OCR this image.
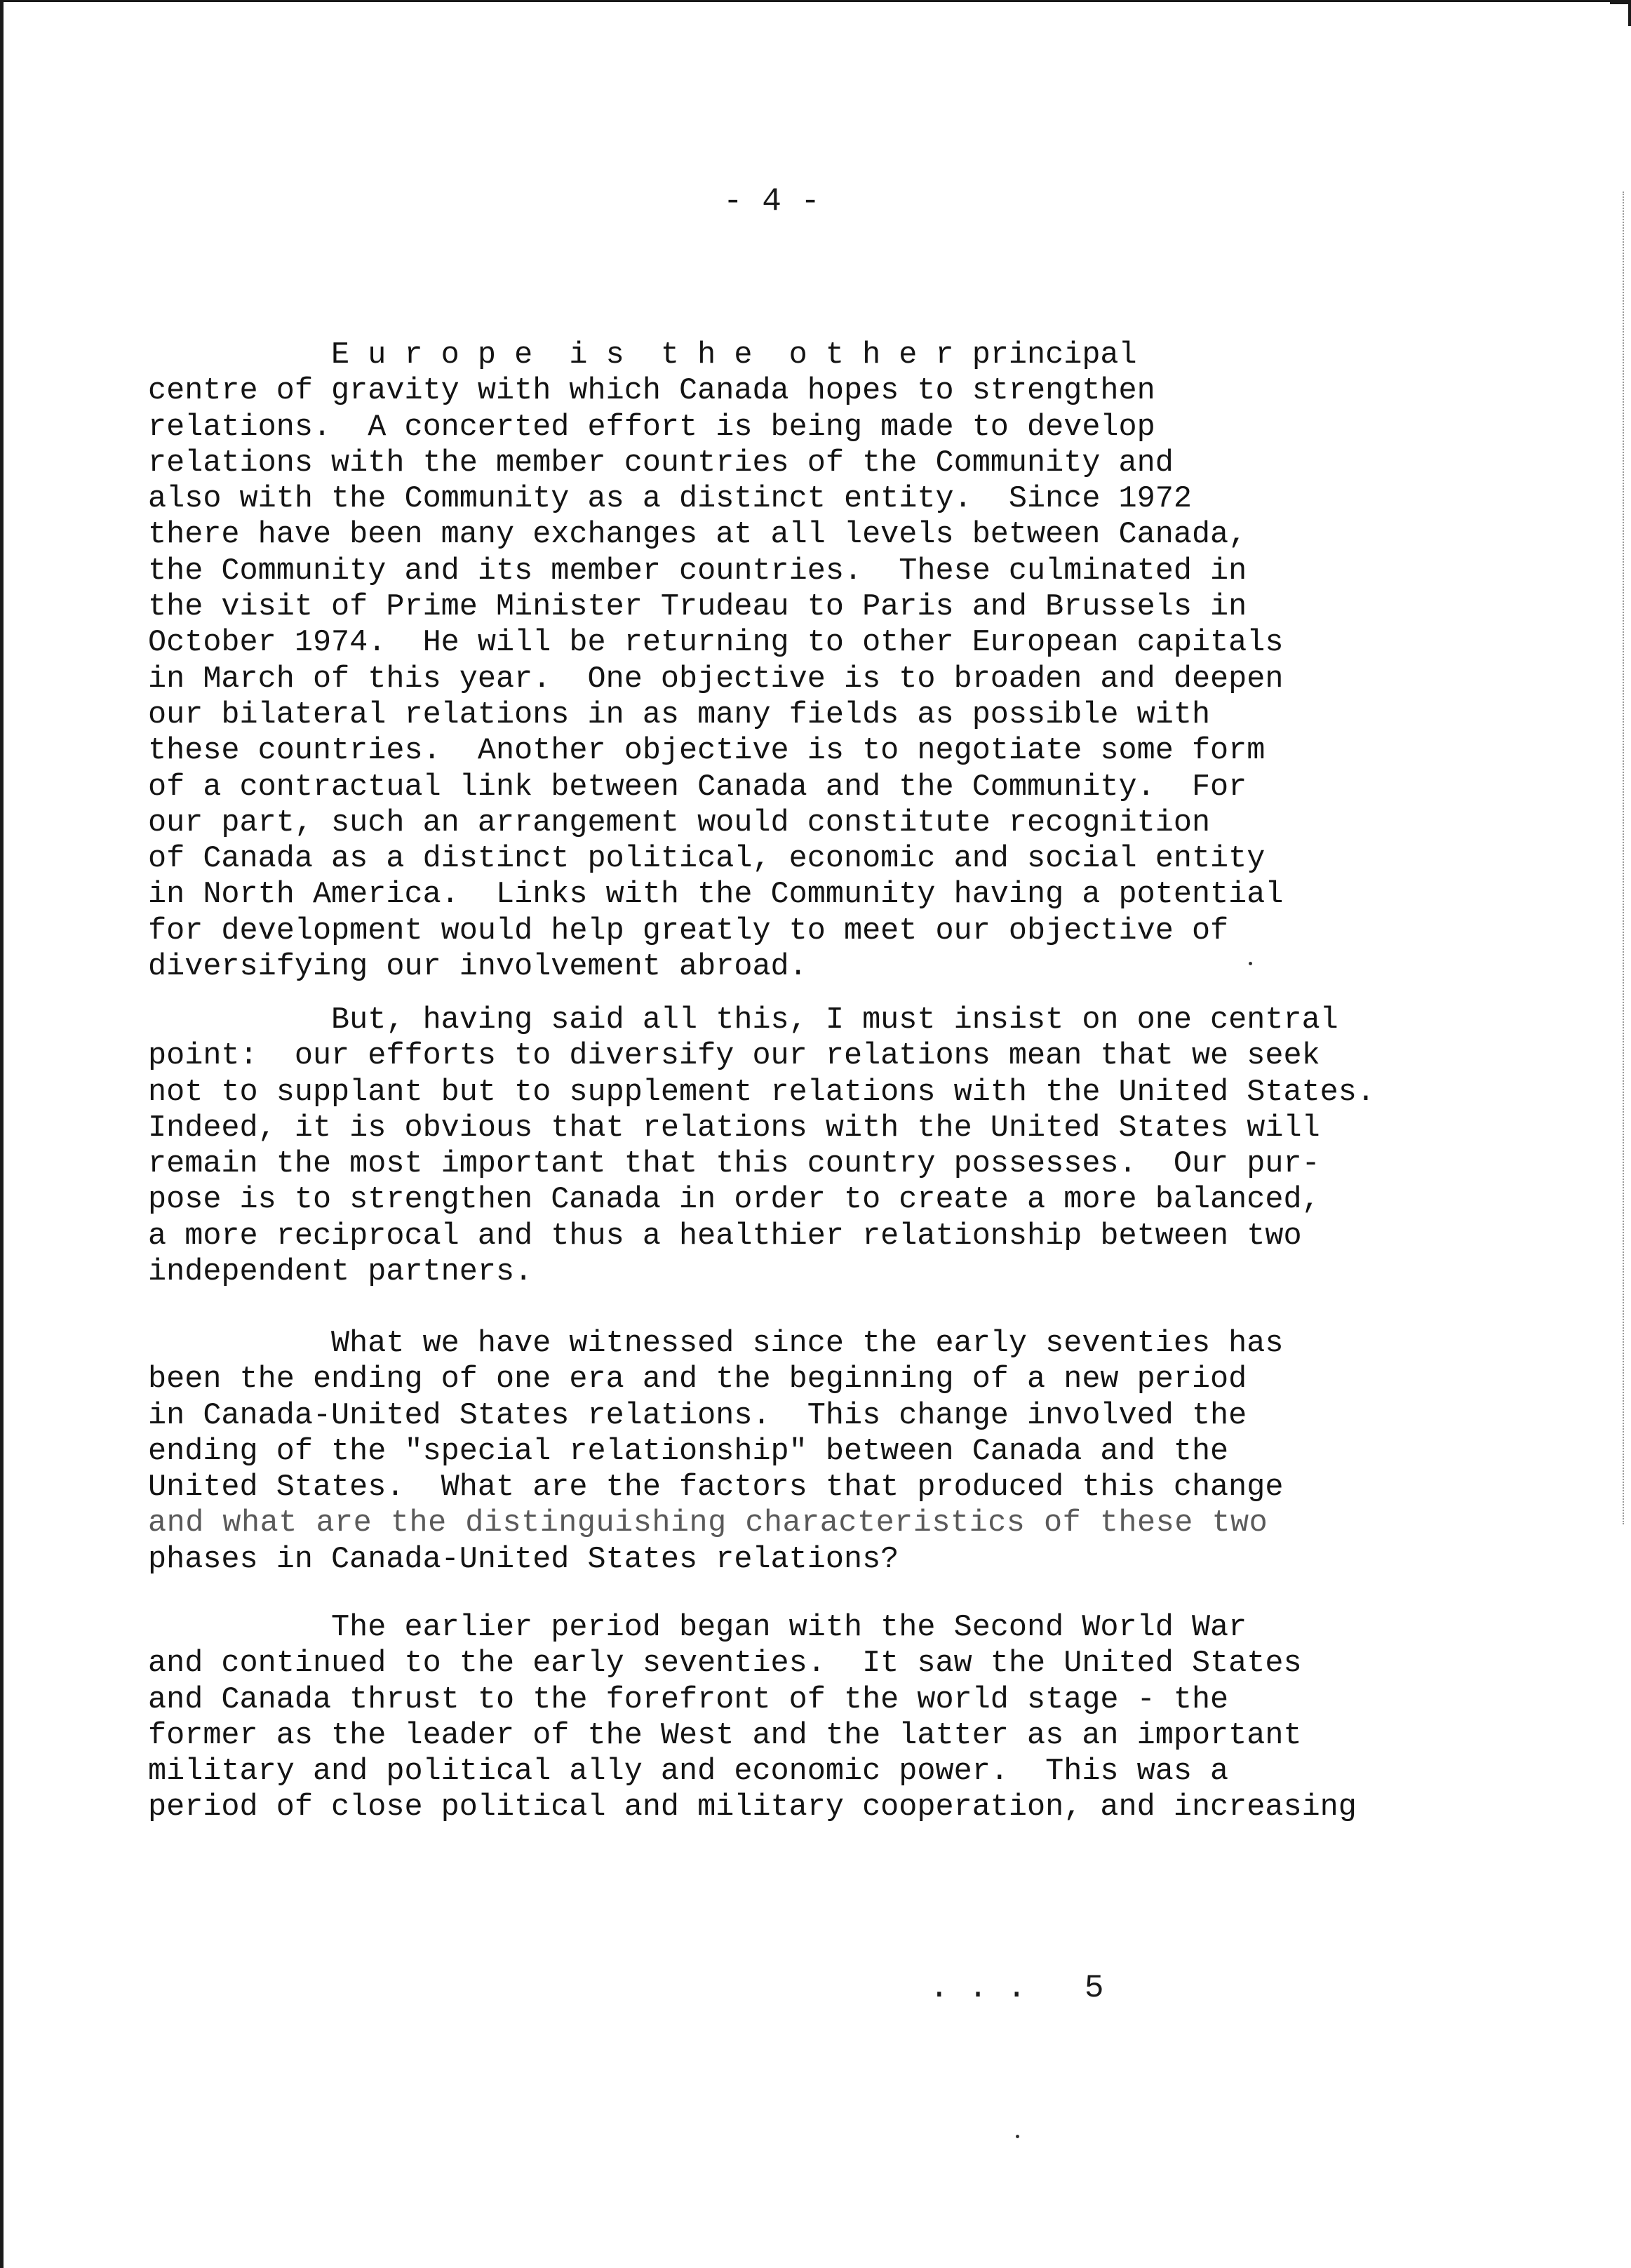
- 4 -
E u r o p e  i s  t h e  o t h e r principal
centre of gravity with which Canada hopes to strengthen
relations.  A concerted effort is being made to develop
relations with the member countries of the Community and
also with the Community as a distinct entity.  Since 1972
there have been many exchanges at all levels between Canada,
the Community and its member countries.  These culminated in
the visit of Prime Minister Trudeau to Paris and Brussels in
October 1974.  He will be returning to other European capitals
in March of this year.  One objective is to broaden and deepen
our bilateral relations in as many fields as possible with
these countries.  Another objective is to negotiate some form
of a contractual link between Canada and the Community.  For
our part, such an arrangement would constitute recognition
of Canada as a distinct political, economic and social entity
in North America.  Links with the Community having a potential
for development would help greatly to meet our objective of
diversifying our involvement abroad.
But, having said all this, I must insist on one central
point:  our efforts to diversify our relations mean that we seek
not to supplant but to supplement relations with the United States.
Indeed, it is obvious that relations with the United States will
remain the most important that this country possesses.  Our pur-
pose is to strengthen Canada in order to create a more balanced,
a more reciprocal and thus a healthier relationship between two
independent partners.
What we have witnessed since the early seventies has
been the ending of one era and the beginning of a new period
in Canada-United States relations.  This change involved the
ending of the "special relationship" between Canada and the
United States.  What are the factors that produced this change
and what are the distinguishing characteristics of these two
phases in Canada-United States relations?
The earlier period began with the Second World War
and continued to the early seventies.  It saw the United States
and Canada thrust to the forefront of the world stage - the
former as the leader of the West and the latter as an important
military and political ally and economic power.  This was a
period of close political and military cooperation, and increasing
. . .   5
